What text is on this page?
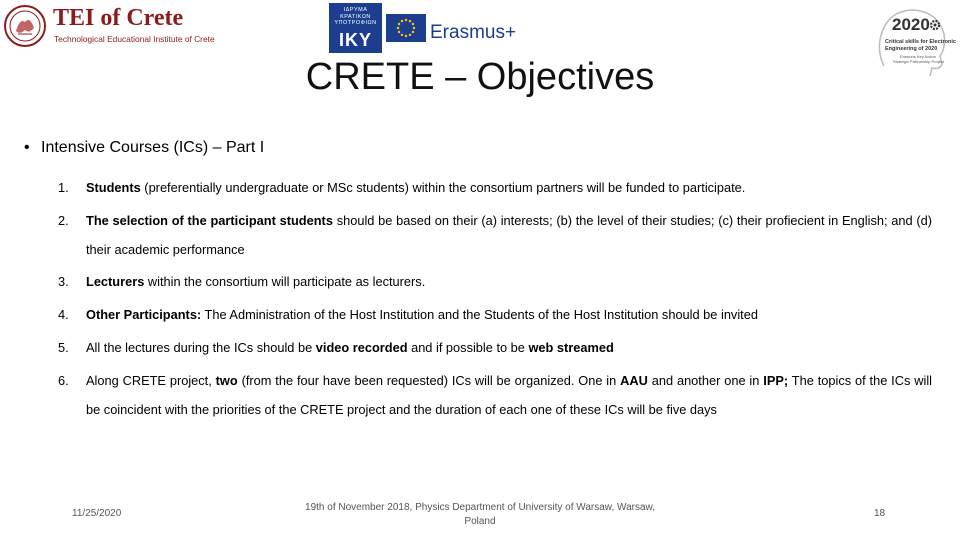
TEI of Crete
Technological Educational Institute of Crete
ΙΔΡΥΜΑ ΚΡΑΤΙΚΩΝ ΥΠΟΤΡΟΦΙΩΝ
IKY	Erasmus+	2020
Critical skills for Electronic
Engineering of 2020
Erasmus Key Action
Strategic Partnership Project
CRETE – Objectives
• Intensive Courses (ICs) – Part I
1. Students (preferentially undergraduate or MSc students) within the consortium partners will be funded to participate.
2. The selection of the participant students should be based on their (a) interests; (b) the level of their studies; (c) their profiecient in English; and (d) their academic performance
3. Lecturers within the consortium will participate as lecturers.
4. Other Participants: The Administration of the Host Institution and the Students of the Host Institution should be invited
5. All the lectures during the ICs should be video recorded and if possible to be web streamed
6. Along CRETE project, two (from the four have been requested) ICs will be organized. One in AAU and another one in IPP; The topics of the ICs will be coincident with the priorities of the CRETE project and the duration of each one of these ICs will be five days
11/25/2020
19th of November 2018, Physics Department of University of Warsaw, Warsaw, Poland
18
